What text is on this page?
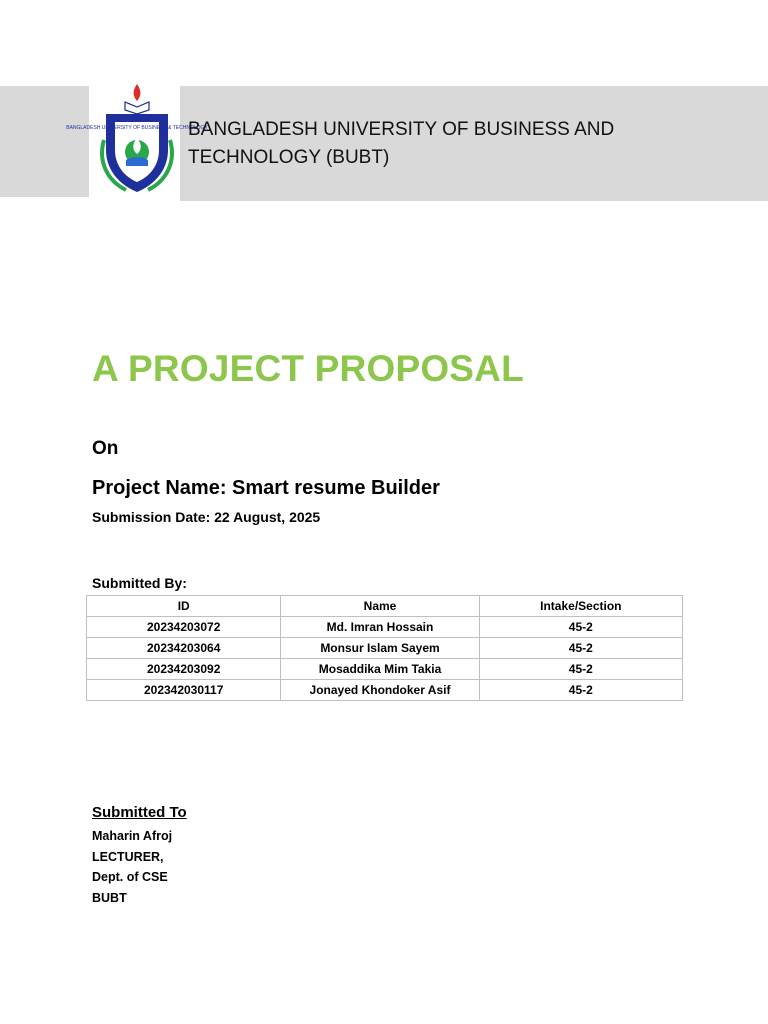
BANGLADESH UNIVERSITY OF BUSINESS & TECHNOLOGY
BANGLADESH UNIVERSITY OF BUSINESS AND
TECHNOLOGY (BUBT)
A PROJECT PROPOSAL
On
Project Name: Smart resume Builder
Submission Date: 22 August, 2025
Submitted By:
ID	Name	Intake/Section
20234203072	Md. Imran Hossain	45-2
20234203064	Monsur Islam Sayem	45-2
20234203092	Mosaddika Mim Takia	45-2
202342030117	Jonayed Khondoker Asif	45-2
Submitted To
Maharin Afroj
LECTURER,
Dept. of CSE
BUBT
